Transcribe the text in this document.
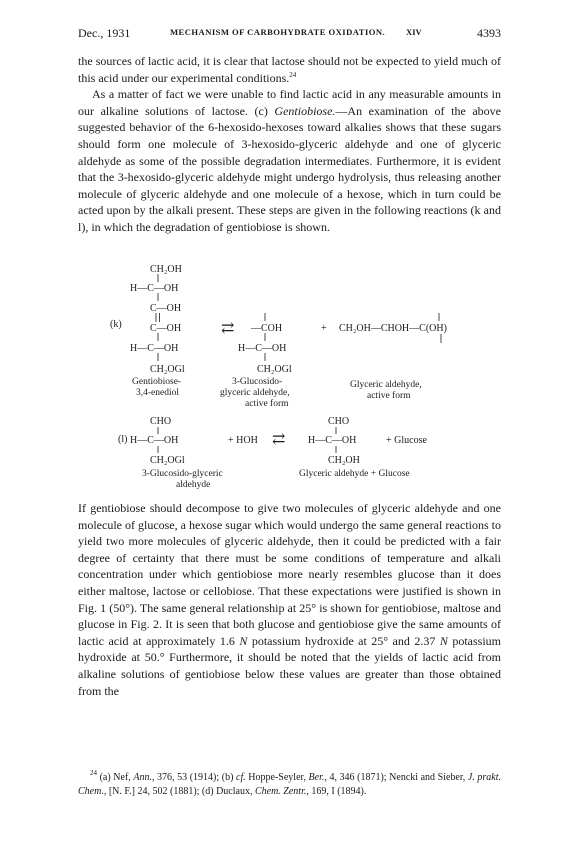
Dec., 1931	MECHANISM OF CARBOHYDRATE OXIDATION. XIV	4393

the sources of lactic acid, it is clear that lactose should not be expected to yield much of this acid under our experimental conditions.$^{24}$

As a matter of fact we were unable to find lactic acid in any measurable amounts in our alkaline solutions of lactose. (c) Gentiobiose.—An examination of the above suggested behavior of the 6-hexosido-hexoses toward alkalies shows that these sugars should form one molecule of 3-hexosido-glyceric aldehyde and one of glyceric aldehyde as some of the possible degradation intermediates. Furthermore, it is evident that the 3-hexosido-glyceric aldehyde might undergo hydrolysis, thus releasing another molecule of glyceric aldehyde and one molecule of a hexose, which in turn could be acted upon by the alkali present. These steps are given in the following reactions (k and l), in which the degradation of gentiobiose is shown.

(k)
CH₂OH
H—C—OH
C—OH
C—OH
H—C—OH
CH₂OGl
⇄ —COH
H—C—OH
CH₂OGl
+ CH₂OH—CHOH—C(OH)
Gentiobiose-
3,4-enediol
3-Glucosido-
glyceric aldehyde,
active form
Glyceric aldehyde,
active form
(l)
CHO
H—C—OH
CH₂OGl
+ HOH ⇄
CHO
H—C—OH
CH₂OH
+ Glucose
3-Glucosido-glyceric
aldehyde
Glyceric aldehyde + Glucose

If gentiobiose should decompose to give two molecules of glyceric aldehyde and one molecule of glucose, a hexose sugar which would undergo the same general reactions to yield two more molecules of glyceric aldehyde, then it could be predicted with a fair degree of certainty that there must be some conditions of temperature and alkali concentration under which gentiobiose more nearly resembles glucose than it does either maltose, lactose or cellobiose. That these expectations were justified is shown in Fig. 1 (50°). The same general relationship at 25° is shown for gentiobiose, maltose and glucose in Fig. 2. It is seen that both glucose and gentiobiose give the same amounts of lactic acid at approximately 1.6 N potassium hydroxide at 25° and 2.37 N potassium hydroxide at 50.° Furthermore, it should be noted that the yields of lactic acid from alkaline solutions of gentiobiose below these values are greater than those obtained from the

$^{24}$ (a) Nef, Ann., 376, 53 (1914); (b) cf. Hoppe-Seyler, Ber., 4, 346 (1871); Nencki and Sieber, J. prakt. Chem., [N. F.] 24, 502 (1881); (d) Duclaux, Chem. Zentr., 169, I (1894).
